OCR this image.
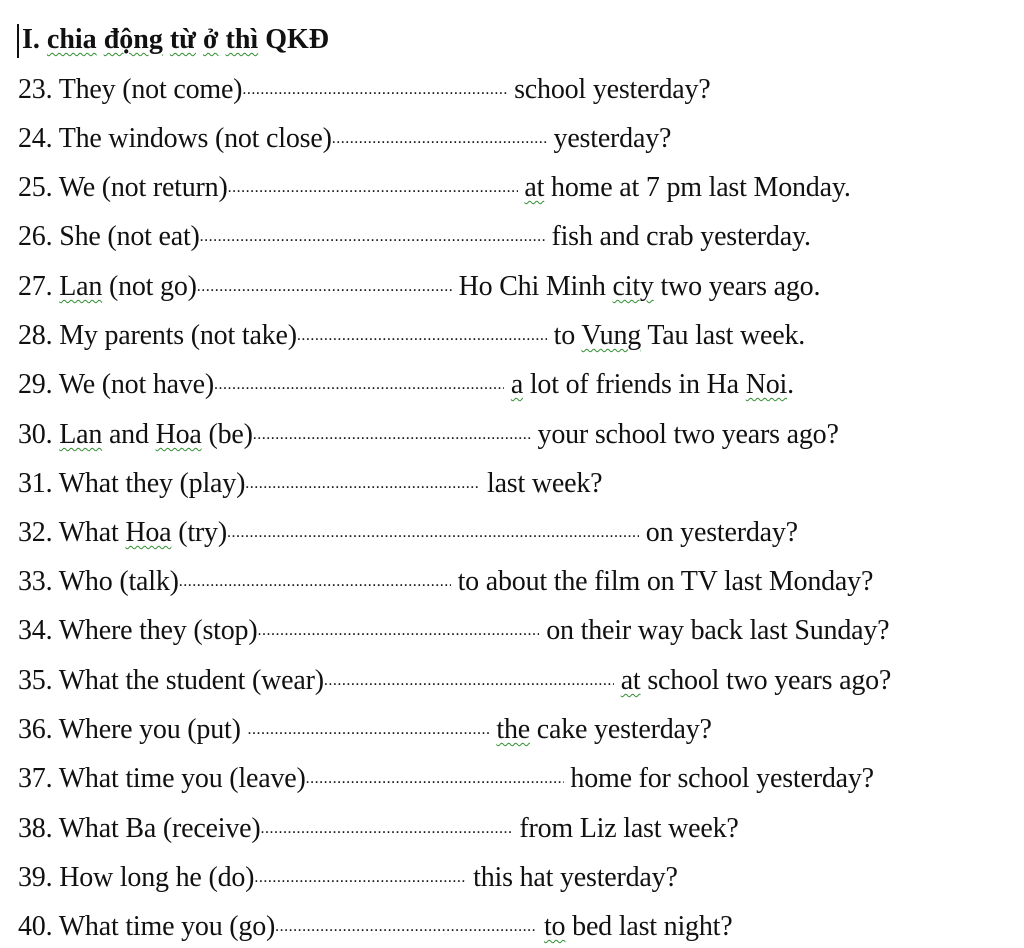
I. chia động từ ở thì QKĐ
23. They (not come) .....	school yesterday?
24. The windows (not close) .....	yesterday?
25. We (not return) .....	at home at 7 pm last Monday.
26. She (not eat) .....	fish and crab yesterday.
27. Lan (not go) .....	Ho Chi Minh city two years ago.
28. My parents (not take) .....	to Vung Tau last week.
29. We (not have) .....	a lot of friends in Ha Noi.
30. Lan and Hoa (be) .....	your school two years ago?
31. What they (play) .....	last week?
32. What Hoa (try) .....	on yesterday?
33. Who (talk) .....	to about the film on TV last Monday?
34. Where they (stop) .....	on their way back last Sunday?
35. What the student (wear) .....	at school two years ago?
36. Where you (put) .....	the cake yesterday?
37. What time you (leave) .....	home for school yesterday?
38. What Ba (receive) .....	from Liz last week?
39. How long he (do) .....	this hat yesterday?
40. What time you (go) .....	to bed last night?
